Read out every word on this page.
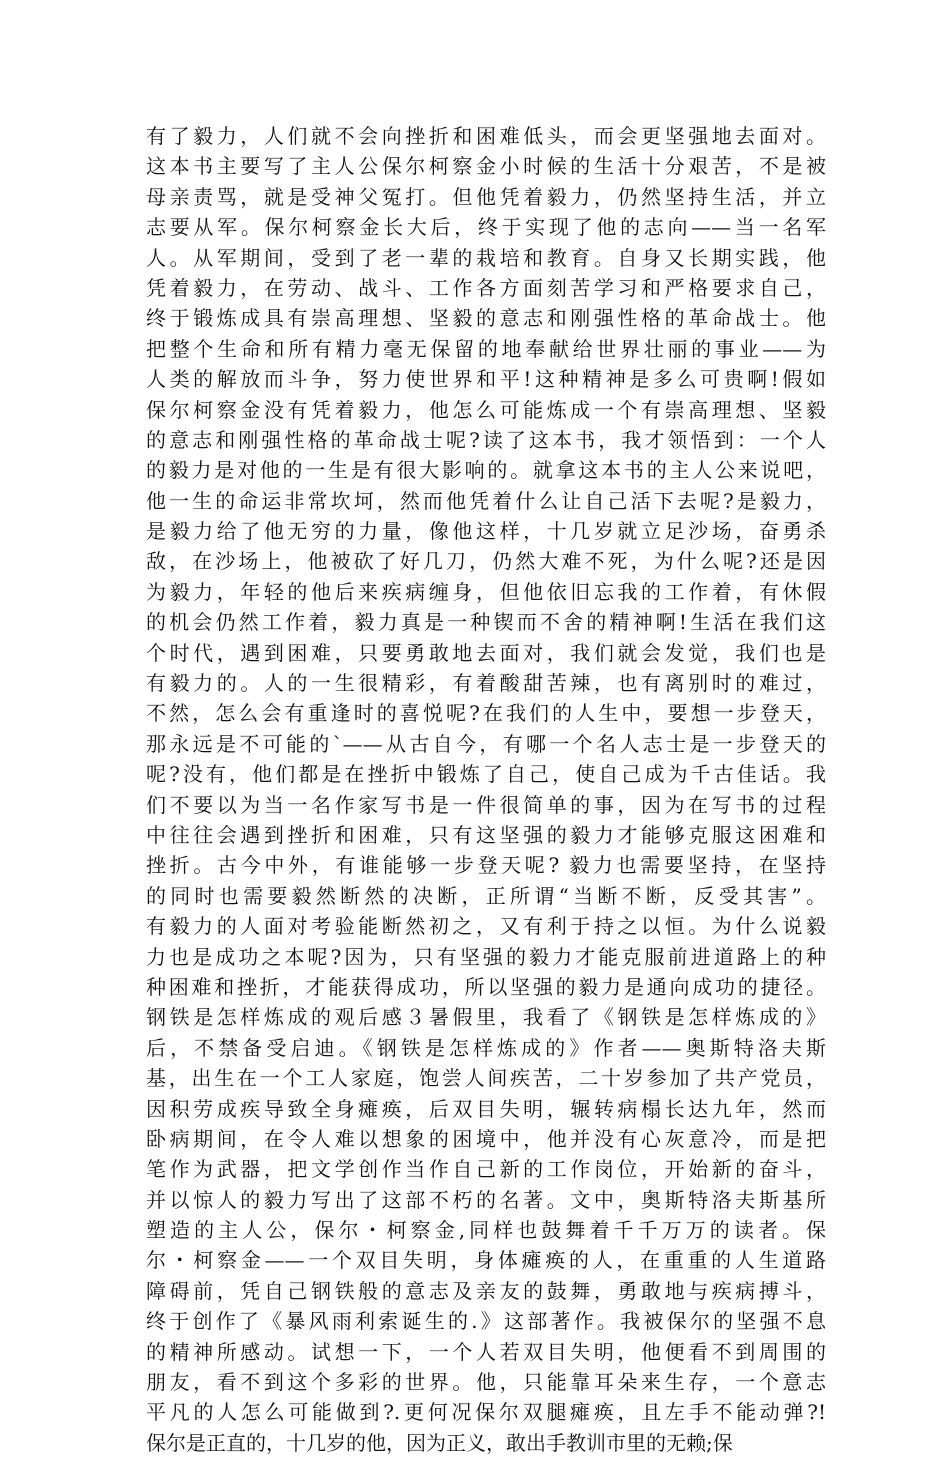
有了毅力，人们就不会向挫折和困难低头，而会更坚强地去面对。
这本书主要写了主人公保尔柯察金小时候的生活十分艰苦，不是被
母亲责骂，就是受神父冤打。但他凭着毅力，仍然坚持生活，并立
志要从军。保尔柯察金长大后，终于实现了他的志向——当一名军
人。从军期间，受到了老一辈的栽培和教育。自身又长期实践，他
凭着毅力，在劳动、战斗、工作各方面刻苦学习和严格要求自己，
终于锻炼成具有崇高理想、坚毅的意志和刚强性格的革命战士。他
把整个生命和所有精力毫无保留的地奉献给世界壮丽的事业——为
人类的解放而斗争，努力使世界和平!这种精神是多么可贵啊!假如
保尔柯察金没有凭着毅力，他怎么可能炼成一个有崇高理想、坚毅
的意志和刚强性格的革命战士呢?读了这本书，我才领悟到：一个人
的毅力是对他的一生是有很大影响的。就拿这本书的主人公来说吧，
他一生的命运非常坎坷，然而他凭着什么让自己活下去呢?是毅力，
是毅力给了他无穷的力量，像他这样，十几岁就立足沙场，奋勇杀
敌，在沙场上，他被砍了好几刀，仍然大难不死，为什么呢?还是因
为毅力，年轻的他后来疾病缠身，但他依旧忘我的工作着，有休假
的机会仍然工作着，毅力真是一种锲而不舍的精神啊!生活在我们这
个时代，遇到困难，只要勇敢地去面对，我们就会发觉，我们也是
有毅力的。人的一生很精彩，有着酸甜苦辣，也有离别时的难过，
不然，怎么会有重逢时的喜悦呢?在我们的人生中，要想一步登天，
那永远是不可能的`——从古自今，有哪一个名人志士是一步登天的
呢?没有，他们都是在挫折中锻炼了自己，使自己成为千古佳话。我
们不要以为当一名作家写书是一件很简单的事，因为在写书的过程
中往往会遇到挫折和困难，只有这坚强的毅力才能够克服这困难和
挫折。古今中外，有谁能够一步登天呢? 毅力也需要坚持，在坚持
的同时也需要毅然断然的决断，正所谓“当断不断，反受其害”。
有毅力的人面对考验能断然初之，又有利于持之以恒。为什么说毅
力也是成功之本呢?因为，只有坚强的毅力才能克服前进道路上的种
种困难和挫折，才能获得成功，所以坚强的毅力是通向成功的捷径。
钢铁是怎样炼成的观后感３暑假里，我看了《钢铁是怎样炼成的》
后，不禁备受启迪。《钢铁是怎样炼成的》作者——奥斯特洛夫斯
基，出生在一个工人家庭，饱尝人间疾苦，二十岁参加了共产党员，
因积劳成疾导致全身瘫痪，后双目失明，辗转病榻长达九年，然而
卧病期间，在令人难以想象的困境中，他并没有心灰意冷，而是把
笔作为武器，把文学创作当作自己新的工作岗位，开始新的奋斗，
并以惊人的毅力写出了这部不朽的名著。文中，奥斯特洛夫斯基所
塑造的主人公，保尔・柯察金,同样也鼓舞着千千万万的读者。保
尔・柯察金——一个双目失明，身体瘫痪的人，在重重的人生道路
障碍前，凭自己钢铁般的意志及亲友的鼓舞，勇敢地与疾病搏斗，
终于创作了《暴风雨利索诞生的.》这部著作。我被保尔的坚强不息
的精神所感动。试想一下，一个人若双目失明，他便看不到周围的
朋友，看不到这个多彩的世界。他，只能靠耳朵来生存，一个意志
平凡的人怎么可能做到?.更何况保尔双腿瘫痪，且左手不能动弹?!
保尔是正直的，十几岁的他，因为正义，敢出手教训市里的无赖;保
